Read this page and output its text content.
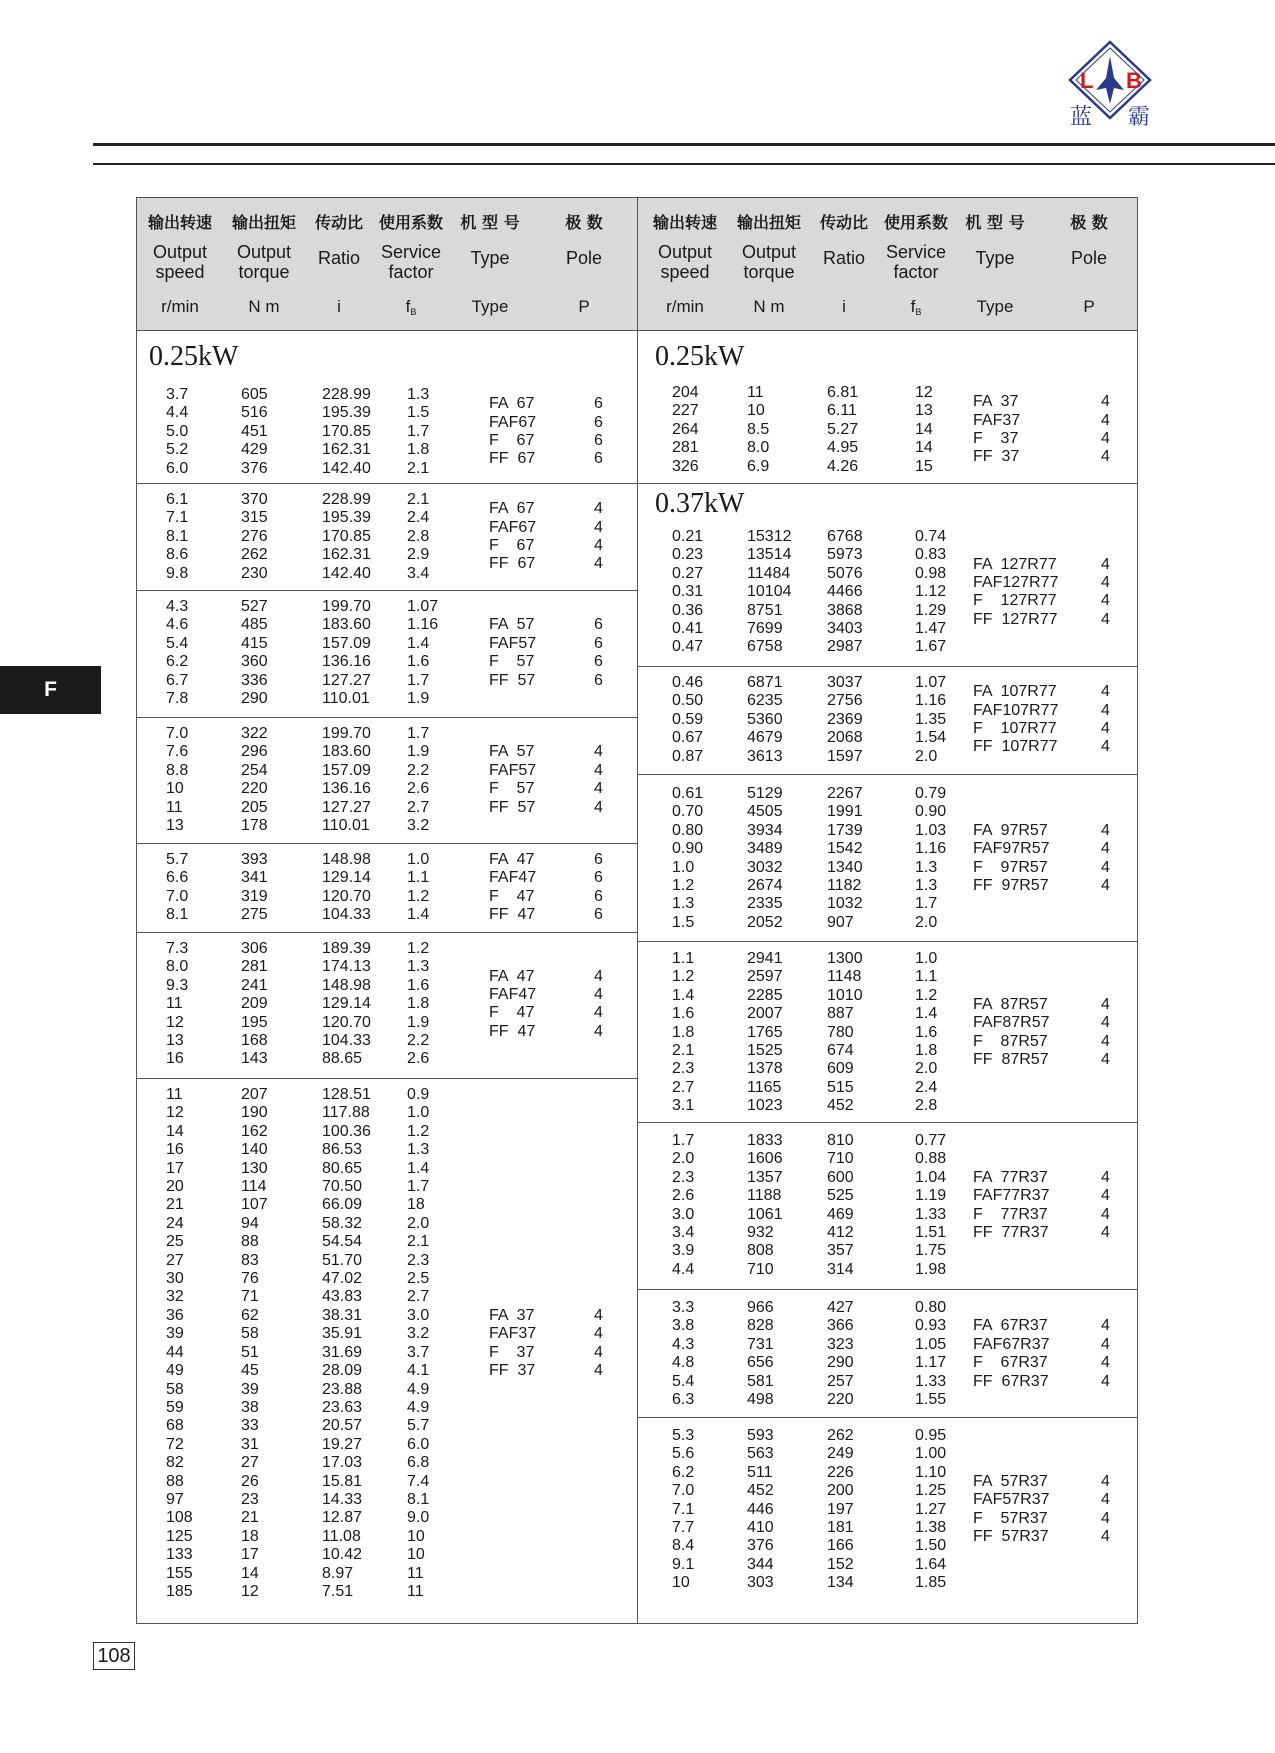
L B
蓝 霸
F
输出转速
Output
speed
r/min
输出扭矩
Output
torque
N m
传动比
Ratio
i
使用系数
Service
factor
fB
机 型 号
Type
Type
极 数
Pole
P
输出转速
Output
speed
r/min
输出扭矩
Output
torque
N m
传动比
Ratio
i
使用系数
Service
factor
fB
机 型 号
Type
Type
极 数
Pole
P
0.25kW
3.7
4.4
5.0
5.2
6.0
605
516
451
429
376
228.99
195.39
170.85
162.31
142.40
1.3
1.5
1.7
1.8
2.1
FA  67
FAF67
F    67
FF  67
6
6
6
6
6.1
7.1
8.1
8.6
9.8
370
315
276
262
230
228.99
195.39
170.85
162.31
142.40
2.1
2.4
2.8
2.9
3.4
FA  67
FAF67
F    67
FF  67
4
4
4
4
4.3
4.6
5.4
6.2
6.7
7.8
527
485
415
360
336
290
199.70
183.60
157.09
136.16
127.27
110.01
1.07
1.16
1.4
1.6
1.7
1.9
FA  57
FAF57
F    57
FF  57
6
6
6
6
7.0
7.6
8.8
10
11
13
322
296
254
220
205
178
199.70
183.60
157.09
136.16
127.27
110.01
1.7
1.9
2.2
2.6
2.7
3.2
FA  57
FAF57
F    57
FF  57
4
4
4
4
5.7
6.6
7.0
8.1
393
341
319
275
148.98
129.14
120.70
104.33
1.0
1.1
1.2
1.4
FA  47
FAF47
F    47
FF  47
6
6
6
6
7.3
8.0
9.3
11
12
13
16
306
281
241
209
195
168
143
189.39
174.13
148.98
129.14
120.70
104.33
88.65
1.2
1.3
1.6
1.8
1.9
2.2
2.6
FA  47
FAF47
F    47
FF  47
4
4
4
4
11
12
14
16
17
20
21
24
25
27
30
32
36
39
44
49
58
59
68
72
82
88
97
108
125
133
155
185
207
190
162
140
130
114
107
94
88
83
76
71
62
58
51
45
39
38
33
31
27
26
23
21
18
17
14
12
128.51
117.88
100.36
86.53
80.65
70.50
66.09
58.32
54.54
51.70
47.02
43.83
38.31
35.91
31.69
28.09
23.88
23.63
20.57
19.27
17.03
15.81
14.33
12.87
11.08
10.42
8.97
7.51
0.9
1.0
1.2
1.3
1.4
1.7
18
2.0
2.1
2.3
2.5
2.7
3.0
3.2
3.7
4.1
4.9
4.9
5.7
6.0
6.8
7.4
8.1
9.0
10
10
11
11
FA  37
FAF37
F    37
FF  37
4
4
4
4
0.25kW
0.37kW
204
227
264
281
326
11
10
8.5
8.0
6.9
6.81
6.11
5.27
4.95
4.26
12
13
14
14
15
FA  37
FAF37
F    37
FF  37
4
4
4
4
0.21
0.23
0.27
0.31
0.36
0.41
0.47
15312
13514
11484
10104
8751
7699
6758
6768
5973
5076
4466
3868
3403
2987
0.74
0.83
0.98
1.12
1.29
1.47
1.67
FA  127R77
FAF127R77
F    127R77
FF  127R77
4
4
4
4
0.46
0.50
0.59
0.67
0.87
6871
6235
5360
4679
3613
3037
2756
2369
2068
1597
1.07
1.16
1.35
1.54
2.0
FA  107R77
FAF107R77
F    107R77
FF  107R77
4
4
4
4
0.61
0.70
0.80
0.90
1.0
1.2
1.3
1.5
5129
4505
3934
3489
3032
2674
2335
2052
2267
1991
1739
1542
1340
1182
1032
907
0.79
0.90
1.03
1.16
1.3
1.3
1.7
2.0
FA  97R57
FAF97R57
F    97R57
FF  97R57
4
4
4
4
1.1
1.2
1.4
1.6
1.8
2.1
2.3
2.7
3.1
2941
2597
2285
2007
1765
1525
1378
1165
1023
1300
1148
1010
887
780
674
609
515
452
1.0
1.1
1.2
1.4
1.6
1.8
2.0
2.4
2.8
FA  87R57
FAF87R57
F    87R57
FF  87R57
4
4
4
4
1.7
2.0
2.3
2.6
3.0
3.4
3.9
4.4
1833
1606
1357
1188
1061
932
808
710
810
710
600
525
469
412
357
314
0.77
0.88
1.04
1.19
1.33
1.51
1.75
1.98
FA  77R37
FAF77R37
F    77R37
FF  77R37
4
4
4
4
3.3
3.8
4.3
4.8
5.4
6.3
966
828
731
656
581
498
427
366
323
290
257
220
0.80
0.93
1.05
1.17
1.33
1.55
FA  67R37
FAF67R37
F    67R37
FF  67R37
4
4
4
4
5.3
5.6
6.2
7.0
7.1
7.7
8.4
9.1
10
593
563
511
452
446
410
376
344
303
262
249
226
200
197
181
166
152
134
0.95
1.00
1.10
1.25
1.27
1.38
1.50
1.64
1.85
FA  57R37
FAF57R37
F    57R37
FF  57R37
4
4
4
4
108
